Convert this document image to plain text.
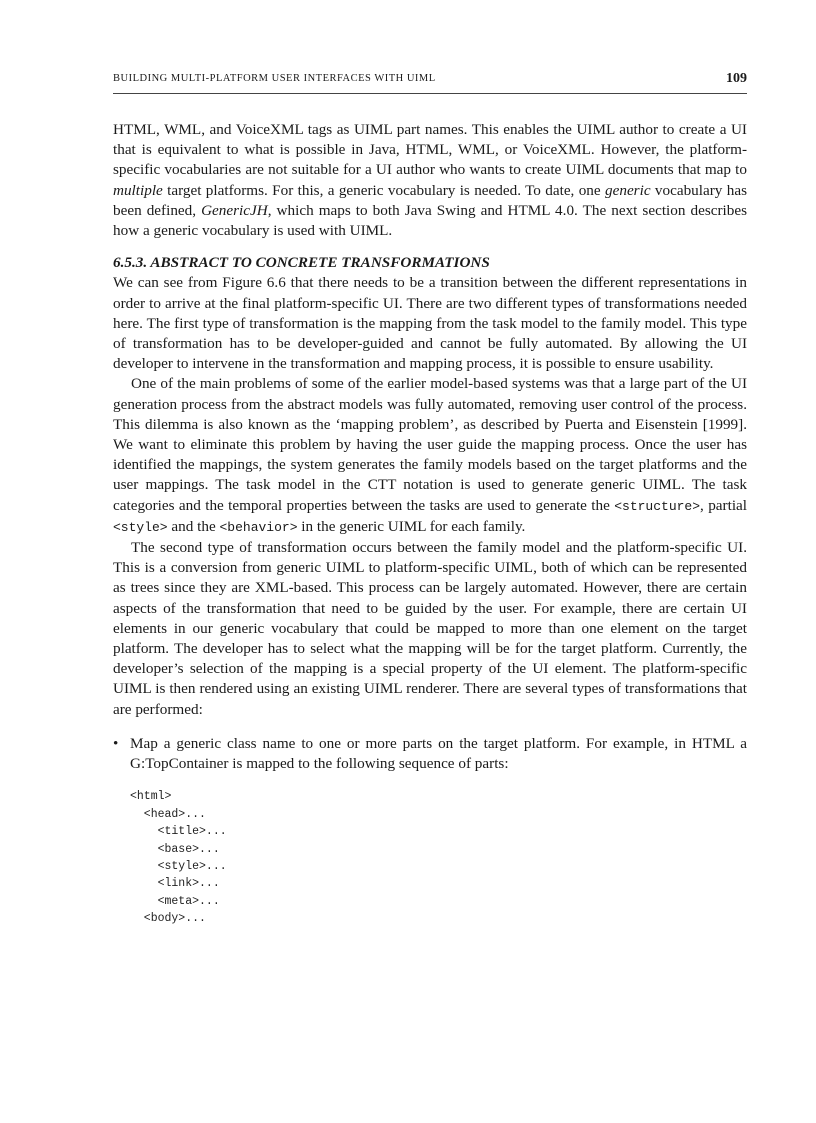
BUILDING MULTI-PLATFORM USER INTERFACES WITH UIML	109

HTML, WML, and VoiceXML tags as UIML part names. This enables the UIML author to create a UI that is equivalent to what is possible in Java, HTML, WML, or VoiceXML. However, the platform-specific vocabularies are not suitable for a UI author who wants to create UIML documents that map to multiple target platforms. For this, a generic vocabulary is needed. To date, one generic vocabulary has been defined, GenericJH, which maps to both Java Swing and HTML 4.0. The next section describes how a generic vocabulary is used with UIML.

6.5.3. ABSTRACT TO CONCRETE TRANSFORMATIONS

We can see from Figure 6.6 that there needs to be a transition between the different representations in order to arrive at the final platform-specific UI. There are two different types of transformations needed here. The first type of transformation is the mapping from the task model to the family model. This type of transformation has to be developer-guided and cannot be fully automated. By allowing the UI developer to intervene in the transformation and mapping process, it is possible to ensure usability.

One of the main problems of some of the earlier model-based systems was that a large part of the UI generation process from the abstract models was fully automated, removing user control of the process. This dilemma is also known as the ‘mapping problem’, as described by Puerta and Eisenstein [1999]. We want to eliminate this problem by having the user guide the mapping process. Once the user has identified the mappings, the system generates the family models based on the target platforms and the user mappings. The task model in the CTT notation is used to generate generic UIML. The task categories and the temporal properties between the tasks are used to generate the <structure>, partial <style> and the <behavior> in the generic UIML for each family.

The second type of transformation occurs between the family model and the platform-specific UI. This is a conversion from generic UIML to platform-specific UIML, both of which can be represented as trees since they are XML-based. This process can be largely automated. However, there are certain aspects of the transformation that need to be guided by the user. For example, there are certain UI elements in our generic vocabulary that could be mapped to more than one element on the target platform. The developer has to select what the mapping will be for the target platform. Currently, the developer’s selection of the mapping is a special property of the UI element. The platform-specific UIML is then rendered using an existing UIML renderer. There are several types of transformations that are performed:

• Map a generic class name to one or more parts on the target platform. For example, in HTML a G:TopContainer is mapped to the following sequence of parts:
<html>
<head>...
<title>...
<base>...
<style>...
<link>...
<meta>...
<body>...
